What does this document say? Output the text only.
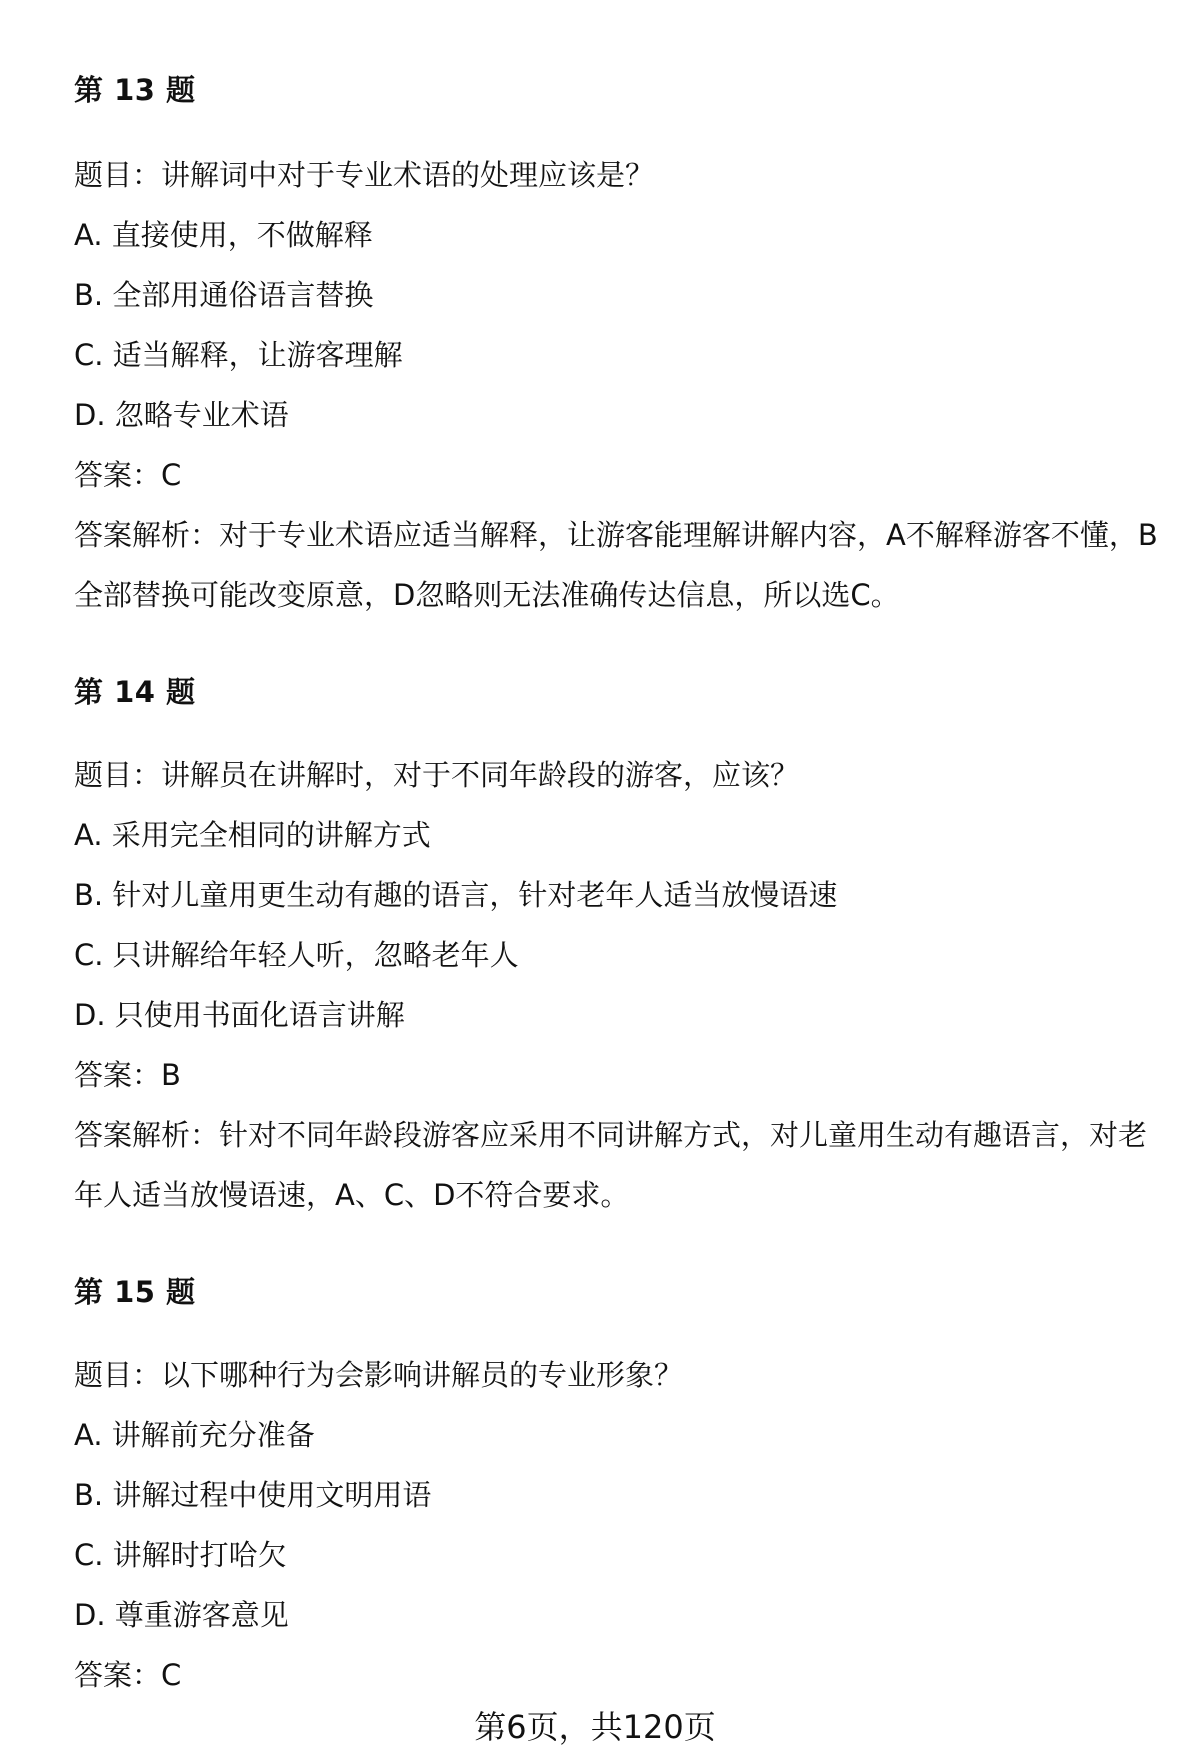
第 13 题
题目：讲解词中对于专业术语的处理应该是？
A. 直接使用，不做解释
B. 全部用通俗语言替换
C. 适当解释，让游客理解
D. 忽略专业术语
答案：C
答案解析：对于专业术语应适当解释，让游客能理解讲解内容，A不解释游客不懂，B全部替换可能改变原意，D忽略则无法准确传达信息，所以选C。
第 14 题
题目：讲解员在讲解时，对于不同年龄段的游客，应该？
A. 采用完全相同的讲解方式
B. 针对儿童用更生动有趣的语言，针对老年人适当放慢语速
C. 只讲解给年轻人听，忽略老年人
D. 只使用书面化语言讲解
答案：B
答案解析：针对不同年龄段游客应采用不同讲解方式，对儿童用生动有趣语言，对老年人适当放慢语速，A、C、D不符合要求。
第 15 题
题目：以下哪种行为会影响讲解员的专业形象？
A. 讲解前充分准备
B. 讲解过程中使用文明用语
C. 讲解时打哈欠
D. 尊重游客意见
答案：C
第6页，共120页
